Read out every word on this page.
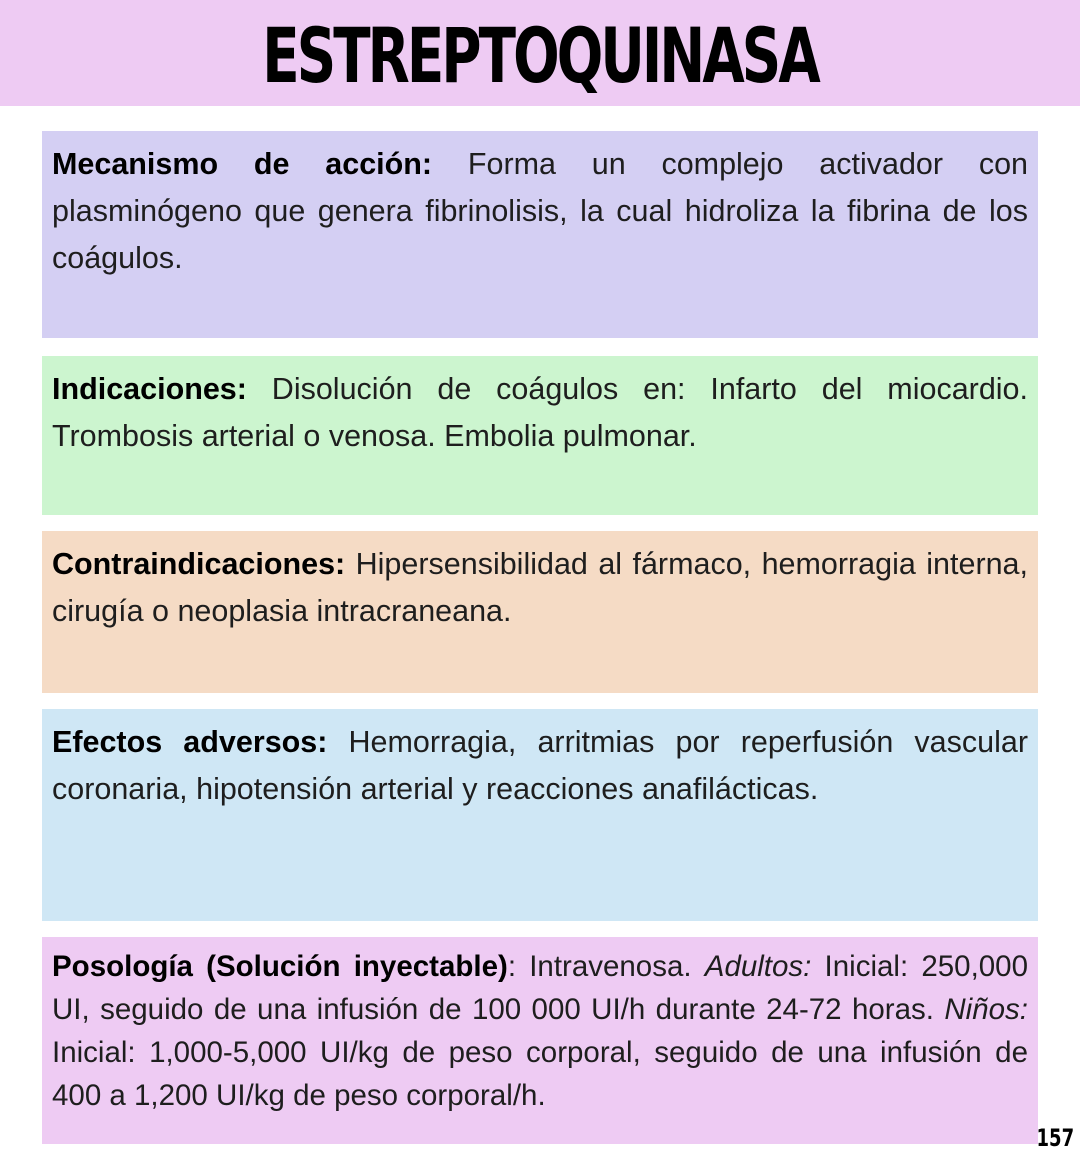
ESTREPTOQUINASA
Mecanismo de acción: Forma un complejo activador con plasminógeno que genera fibrinolisis, la cual hidroliza la fibrina de los coágulos.
Indicaciones: Disolución de coágulos en: Infarto del miocardio. Trombosis arterial o venosa. Embolia pulmonar.
Contraindicaciones: Hipersensibilidad al fármaco, hemorragia interna, cirugía o neoplasia intracraneana.
Efectos adversos: Hemorragia, arritmias por reperfusión vascular coronaria, hipotensión arterial y reacciones anafilácticas.
Posología (Solución inyectable): Intravenosa. Adultos: Inicial: 250,000 UI, seguido de una infusión de 100 000 UI/h durante 24-72 horas. Niños: Inicial: 1,000-5,000 UI/kg de peso corporal, seguido de una infusión de 400 a 1,200 UI/kg de peso corporal/h.
157
